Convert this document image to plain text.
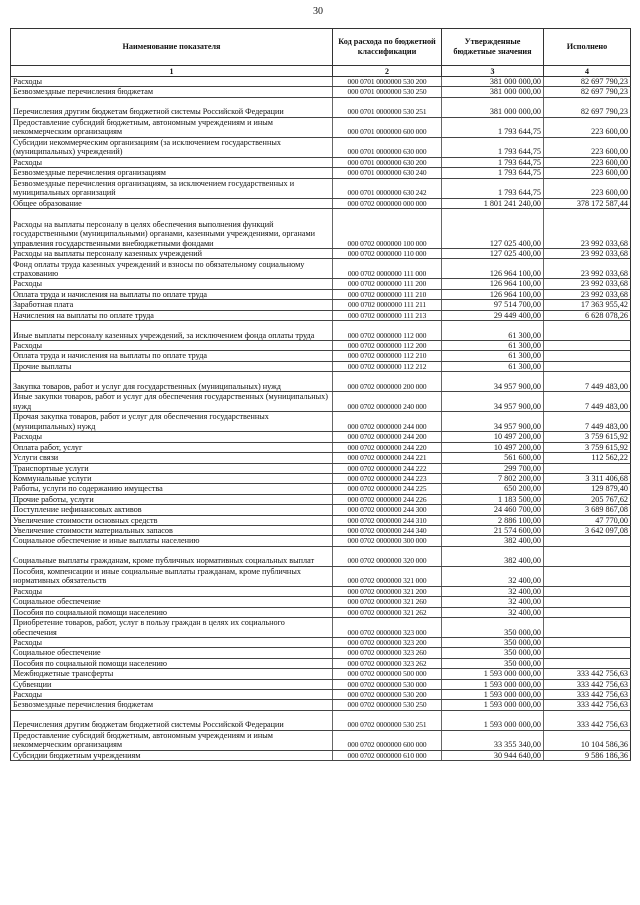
30
Наименование показателя	Код расхода по бюджетной классификации	Утвержденные бюджетные значения	Исполнено
1	2	3	4
Расходы	000 0701 0000000 530 200	381 000 000,00	82 697 790,23
Безвозмездные перечисления бюджетам	000 0701 0000000 530 250	381 000 000,00	82 697 790,23
Перечисления другим бюджетам бюджетной системы Российской Федерации	000 0701 0000000 530 251	381 000 000,00	82 697 790,23
Предоставление субсидий бюджетным, автономным учреждениям и иным некоммерческим организациям	000 0701 0000000 600 000	1 793 644,75	223 600,00
Субсидии некоммерческим организациям (за исключением государственных (муниципальных) учреждений)	000 0701 0000000 630 000	1 793 644,75	223 600,00
Расходы	000 0701 0000000 630 200	1 793 644,75	223 600,00
Безвозмездные перечисления организациям	000 0701 0000000 630 240	1 793 644,75	223 600,00
Безвозмездные перечисления организациям, за исключением государственных и муниципальных организаций	000 0701 0000000 630 242	1 793 644,75	223 600,00
Общее образование	000 0702 0000000 000 000	1 801 241 240,00	378 172 587,44
Расходы на выплаты персоналу в целях обеспечения выполнения функций государственными (муниципальными) органами, казенными учреждениями, органами управления государственными внебюджетными фондами	000 0702 0000000 100 000	127 025 400,00	23 992 033,68
Расходы на выплаты персоналу казенных учреждений	000 0702 0000000 110 000	127 025 400,00	23 992 033,68
Фонд оплаты труда казенных учреждений и взносы по обязательному социальному страхованию	000 0702 0000000 111 000	126 964 100,00	23 992 033,68
Расходы	000 0702 0000000 111 200	126 964 100,00	23 992 033,68
Оплата труда и начисления на выплаты по оплате труда	000 0702 0000000 111 210	126 964 100,00	23 992 033,68
Заработная плата	000 0702 0000000 111 211	97 514 700,00	17 363 955,42
Начисления на выплаты по оплате труда	000 0702 0000000 111 213	29 449 400,00	6 628 078,26
Иные выплаты персоналу казенных учреждений, за исключением фонда оплаты труда	000 0702 0000000 112 000	61 300,00	
Расходы	000 0702 0000000 112 200	61 300,00	
Оплата труда и начисления на выплаты по оплате труда	000 0702 0000000 112 210	61 300,00	
Прочие выплаты	000 0702 0000000 112 212	61 300,00	
Закупка товаров, работ и услуг для государственных (муниципальных) нужд	000 0702 0000000 200 000	34 957 900,00	7 449 483,00
Иные закупки товаров, работ и услуг для обеспечения государственных (муниципальных) нужд	000 0702 0000000 240 000	34 957 900,00	7 449 483,00
Прочая закупка товаров, работ и услуг для обеспечения государственных (муниципальных) нужд	000 0702 0000000 244 000	34 957 900,00	7 449 483,00
Расходы	000 0702 0000000 244 200	10 497 200,00	3 759 615,92
Оплата работ, услуг	000 0702 0000000 244 220	10 497 200,00	3 759 615,92
Услуги связи	000 0702 0000000 244 221	561 600,00	112 562,22
Транспортные услуги	000 0702 0000000 244 222	299 700,00	
Коммунальные услуги	000 0702 0000000 244 223	7 802 200,00	3 311 406,68
Работы, услуги по содержанию имущества	000 0702 0000000 244 225	650 200,00	129 879,40
Прочие работы, услуги	000 0702 0000000 244 226	1 183 500,00	205 767,62
Поступление нефинансовых активов	000 0702 0000000 244 300	24 460 700,00	3 689 867,08
Увеличение стоимости основных средств	000 0702 0000000 244 310	2 886 100,00	47 770,00
Увеличение стоимости материальных запасов	000 0702 0000000 244 340	21 574 600,00	3 642 097,08
Социальное обеспечение и иные выплаты населению	000 0702 0000000 300 000	382 400,00	
Социальные выплаты гражданам, кроме публичных нормативных социальных выплат	000 0702 0000000 320 000	382 400,00	
Пособия, компенсации и иные социальные выплаты гражданам, кроме публичных нормативных обязательств	000 0702 0000000 321 000	32 400,00	
Расходы	000 0702 0000000 321 200	32 400,00	
Социальное обеспечение	000 0702 0000000 321 260	32 400,00	
Пособия по социальной помощи населению	000 0702 0000000 321 262	32 400,00	
Приобретение товаров, работ, услуг в пользу граждан в целях их социального обеспечения	000 0702 0000000 323 000	350 000,00	
Расходы	000 0702 0000000 323 200	350 000,00	
Социальное обеспечение	000 0702 0000000 323 260	350 000,00	
Пособия по социальной помощи населению	000 0702 0000000 323 262	350 000,00	
Межбюджетные трансферты	000 0702 0000000 500 000	1 593 000 000,00	333 442 756,63
Субвенции	000 0702 0000000 530 000	1 593 000 000,00	333 442 756,63
Расходы	000 0702 0000000 530 200	1 593 000 000,00	333 442 756,63
Безвозмездные перечисления бюджетам	000 0702 0000000 530 250	1 593 000 000,00	333 442 756,63
Перечисления другим бюджетам бюджетной системы Российской Федерации	000 0702 0000000 530 251	1 593 000 000,00	333 442 756,63
Предоставление субсидий бюджетным, автономным учреждениям и иным некоммерческим организациям	000 0702 0000000 600 000	33 355 340,00	10 104 586,36
Субсидии бюджетным учреждениям	000 0702 0000000 610 000	30 944 640,00	9 586 186,36
